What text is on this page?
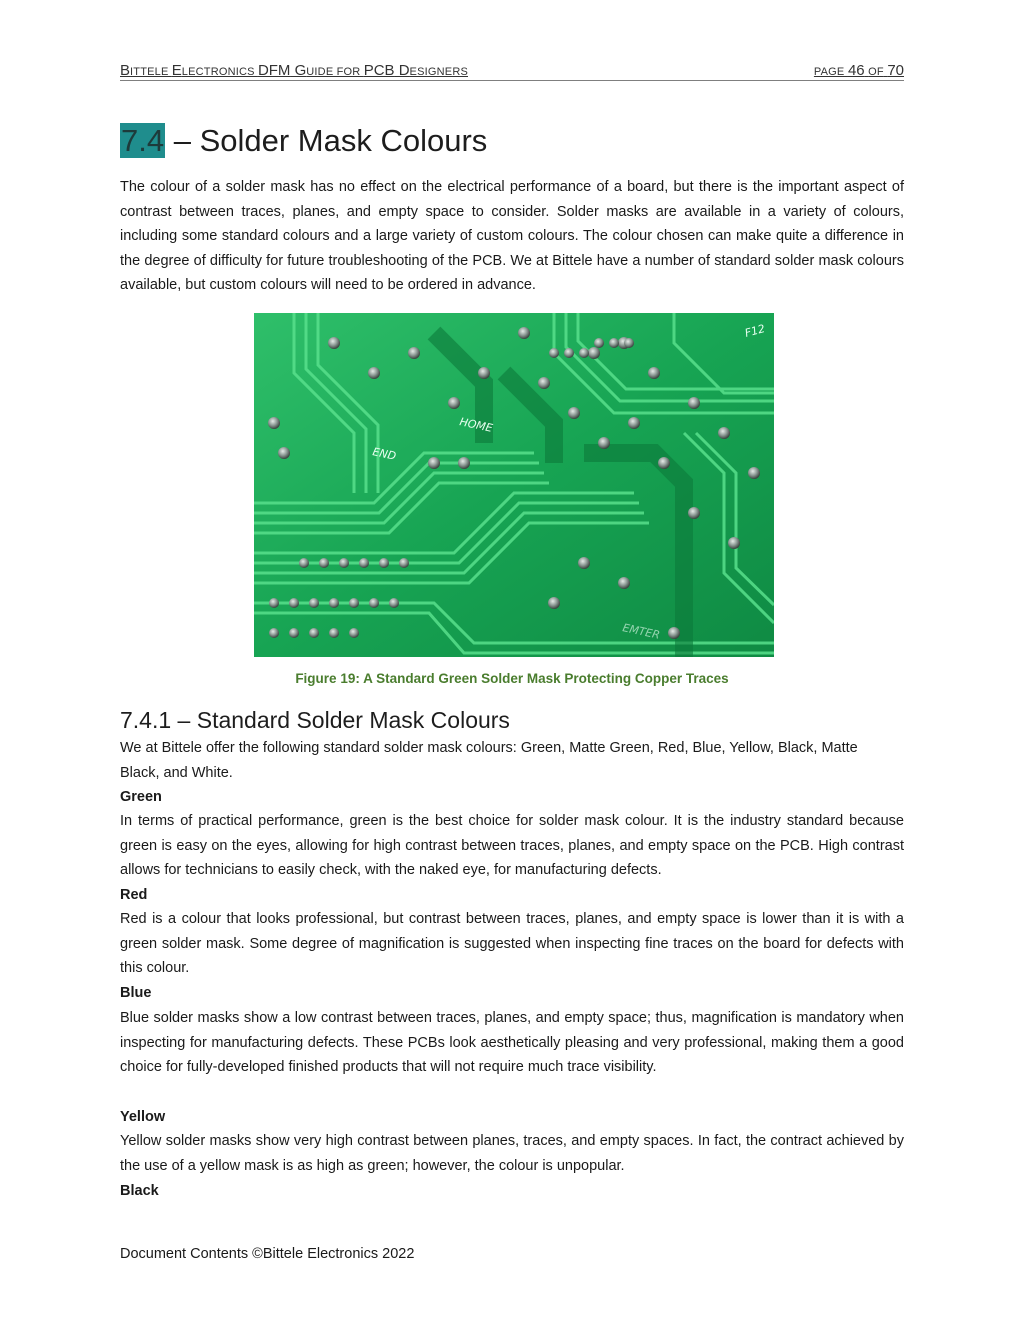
BITTELE ELECTRONICS DFM GUIDE FOR PCB DESIGNERS	PAGE 46 OF 70
7.4 – Solder Mask Colours

The colour of a solder mask has no effect on the electrical performance of a board, but there is the important aspect of contrast between traces, planes, and empty space to consider. Solder masks are available in a variety of colours, including some standard colours and a large variety of custom colours. The colour chosen can make quite a difference in the degree of difficulty for future troubleshooting of the PCB. We at Bittele have a number of standard solder mask colours available, but custom colours will need to be ordered in advance.

HOME
END
F12
EMTER

Figure 19: A Standard Green Solder Mask Protecting Copper Traces

7.4.1 – Standard Solder Mask Colours

We at Bittele offer the following standard solder mask colours: Green, Matte Green, Red, Blue, Yellow, Black, Matte Black, and White.

Green

In terms of practical performance, green is the best choice for solder mask colour. It is the industry standard because green is easy on the eyes, allowing for high contrast between traces, planes, and empty space on the PCB. High contrast allows for technicians to easily check, with the naked eye, for manufacturing defects.

Red

Red is a colour that looks professional, but contrast between traces, planes, and empty space is lower than it is with a green solder mask. Some degree of magnification is suggested when inspecting fine traces on the board for defects with this colour.

Blue

Blue solder masks show a low contrast between traces, planes, and empty space; thus, magnification is mandatory when inspecting for manufacturing defects. These PCBs look aesthetically pleasing and very professional, making them a good choice for fully-developed finished products that will not require much trace visibility.

Yellow

Yellow solder masks show very high contrast between planes, traces, and empty spaces. In fact, the contract achieved by the use of a yellow mask is as high as green; however, the colour is unpopular.

Black

Document Contents ©Bittele Electronics 2022
